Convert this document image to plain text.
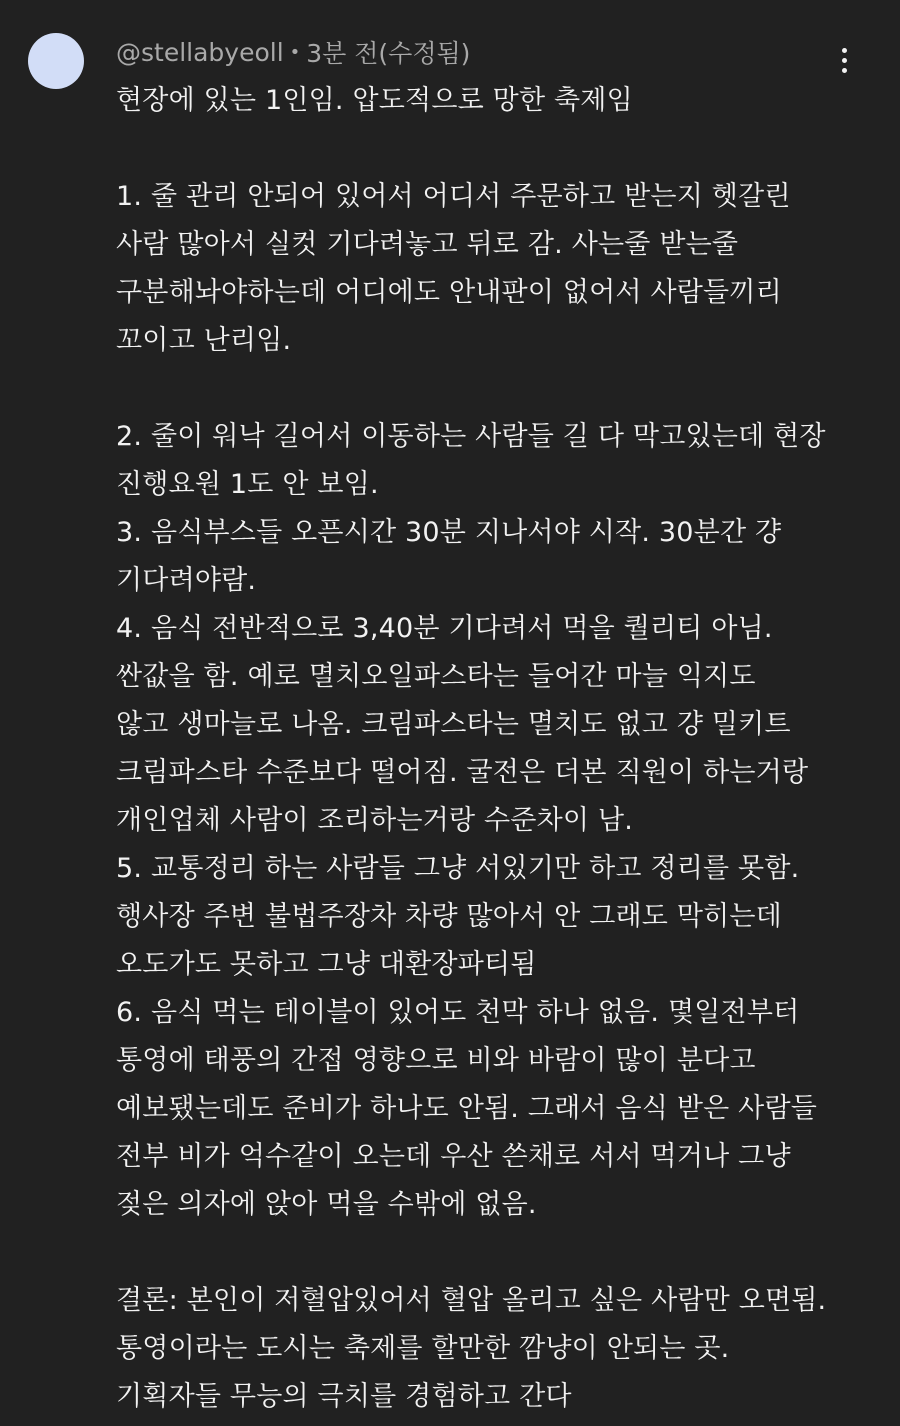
@stellabyeoll • 3분 전(수정됨)
현장에 있는 1인임. 압도적으로 망한 축제임
1. 줄 관리 안되어 있어서 어디서 주문하고 받는지 헷갈린
사람 많아서 실컷 기다려놓고 뒤로 감. 사는줄 받는줄
구분해놔야하는데 어디에도 안내판이 없어서 사람들끼리
꼬이고 난리임.
2. 줄이 워낙 길어서 이동하는 사람들 길 다 막고있는데 현장
진행요원 1도 안 보임.
3. 음식부스들 오픈시간 30분 지나서야 시작. 30분간 걍
기다려야람.
4. 음식 전반적으로 3,40분 기다려서 먹을 퀄리티 아님.
싼값을 함. 예로 멸치오일파스타는 들어간 마늘 익지도
않고 생마늘로 나옴. 크림파스타는 멸치도 없고 걍 밀키트
크림파스타 수준보다 떨어짐. 굴전은 더본 직원이 하는거랑
개인업체 사람이 조리하는거랑 수준차이 남.
5. 교통정리 하는 사람들 그냥 서있기만 하고 정리를 못함.
행사장 주변 불법주장차 차량 많아서 안 그래도 막히는데
오도가도 못하고 그냥 대환장파티됨
6. 음식 먹는 테이블이 있어도 천막 하나 없음. 몇일전부터
통영에 태풍의 간접 영향으로 비와 바람이 많이 분다고
예보됐는데도 준비가 하나도 안됨. 그래서 음식 받은 사람들
전부 비가 억수같이 오는데 우산 쓴채로 서서 먹거나 그냥
젖은 의자에 앉아 먹을 수밖에 없음.
결론: 본인이 저혈압있어서 혈압 올리고 싶은 사람만 오면됨.
통영이라는 도시는 축제를 할만한 깜냥이 안되는 곳.
기획자들 무능의 극치를 경험하고 간다
